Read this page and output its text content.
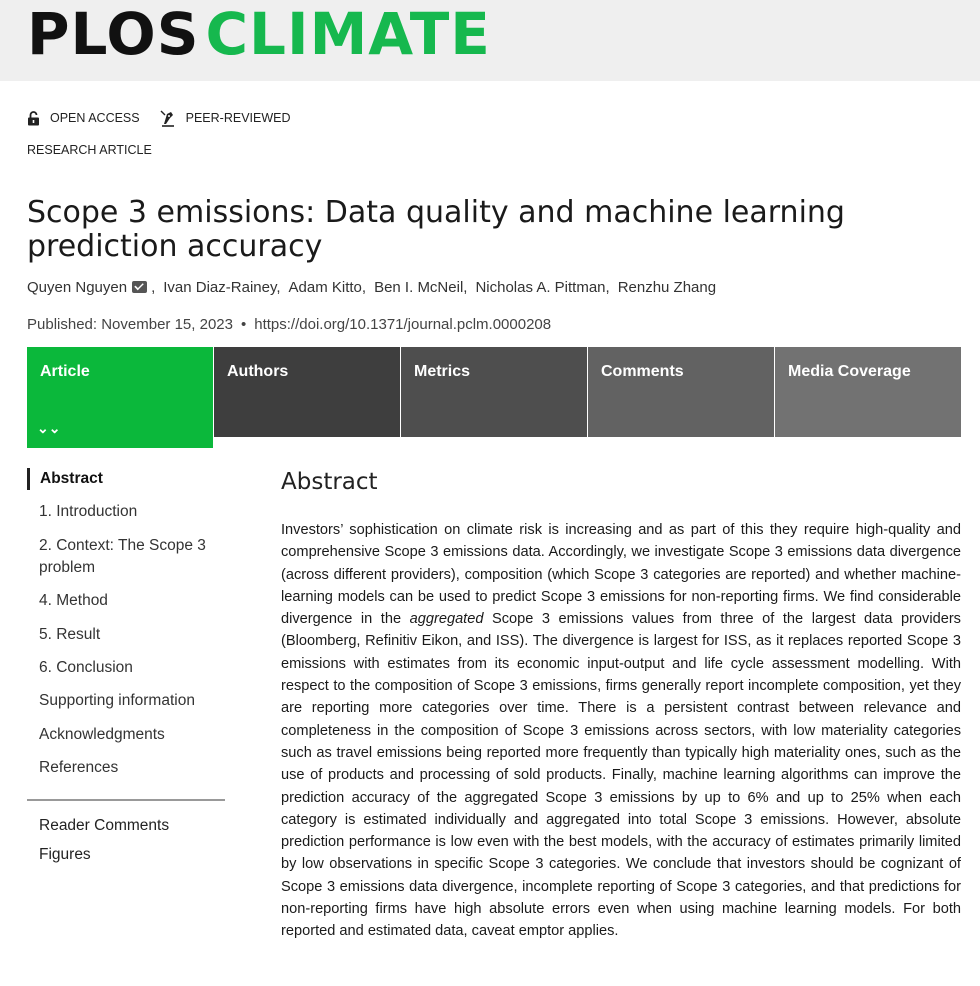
PLOS CLIMATE
OPEN ACCESS	PEER-REVIEWED
RESEARCH ARTICLE
Scope 3 emissions: Data quality and machine learning prediction accuracy
Quyen Nguyen , Ivan Diaz-Rainey, Adam Kitto, Ben I. McNeil, Nicholas A. Pittman, Renzhu Zhang
Published: November 15, 2023 • https://doi.org/10.1371/journal.pclm.0000208
Article
⌄⌄
Authors	Metrics	Comments	Media Coverage
Abstract
1. Introduction
2. Context: The Scope 3 problem
4. Method
5. Result
6. Conclusion
Supporting information
Acknowledgments
References
Reader Comments
Figures
Abstract

Investors’ sophistication on climate risk is increasing and as part of this they require high-quality and comprehensive Scope 3 emissions data. Accordingly, we investigate Scope 3 emissions data divergence (across different providers), composition (which Scope 3 categories are reported) and whether machine-learning models can be used to predict Scope 3 emissions for non-reporting firms. We find considerable divergence in the aggregated Scope 3 emissions values from three of the largest data providers (Bloomberg, Refinitiv Eikon, and ISS). The divergence is largest for ISS, as it replaces reported Scope 3 emissions with estimates from its economic input-output and life cycle assessment modelling. With respect to the composition of Scope 3 emissions, firms generally report incomplete composition, yet they are reporting more categories over time. There is a persistent contrast between relevance and completeness in the composition of Scope 3 emissions across sectors, with low materiality categories such as travel emissions being reported more frequently than typically high materiality ones, such as the use of products and processing of sold products. Finally, machine learning algorithms can improve the prediction accuracy of the aggregated Scope 3 emissions by up to 6% and up to 25% when each category is estimated individually and aggregated into total Scope 3 emissions. However, absolute prediction performance is low even with the best models, with the accuracy of estimates primarily limited by low observations in specific Scope 3 categories. We conclude that investors should be cognizant of Scope 3 emissions data divergence, incomplete reporting of Scope 3 categories, and that predictions for non-reporting firms have high absolute errors even when using machine learning models. For both reported and estimated data, caveat emptor applies.
